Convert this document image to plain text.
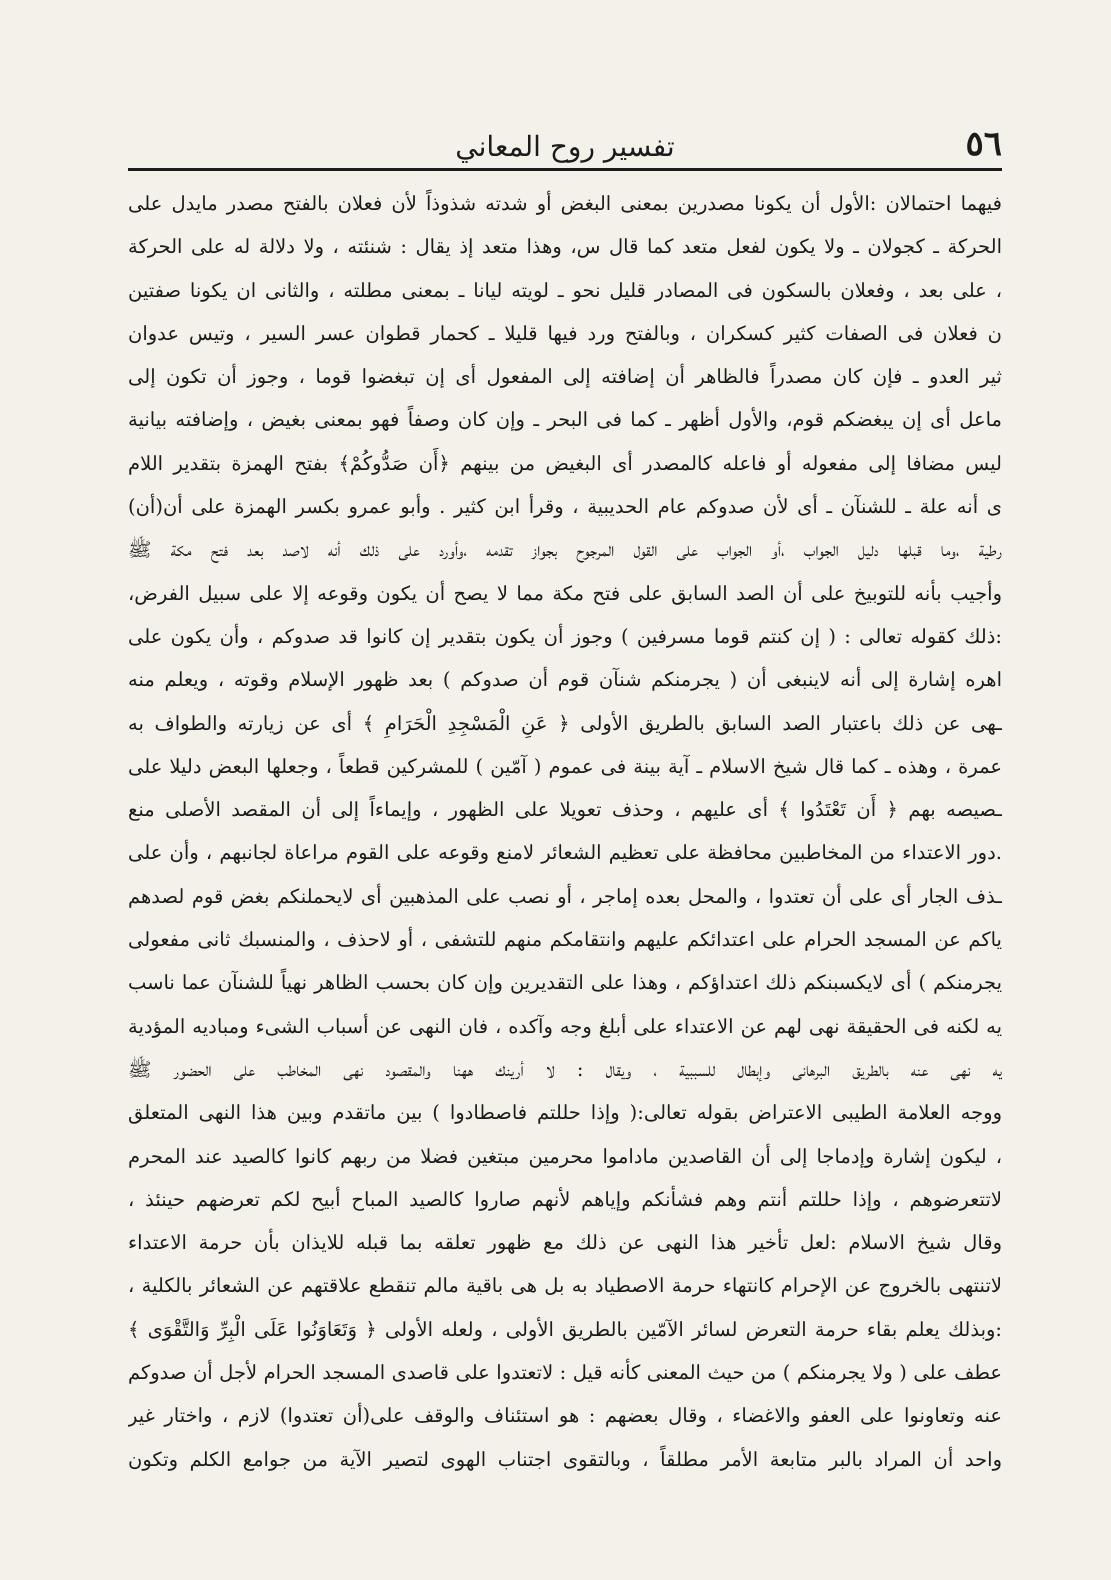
٥٦
تفسير روح المعاني
فيهما احتمالان :الأول أن يكونا مصدرين بمعنى البغض أو شدته شذوذاً لأن فعلان بالفتح مصدر مايدل على
الحركة ـ كجولان ـ ولا يكون لفعل متعد كما قال س، وهذا متعد إذ يقال : شنئته ، ولا دلالة له على الحركة
، على بعد ، وفعلان بالسكون فى المصادر قليل نحو ـ لويته ليانا ـ بمعنى مطلته ، والثانى ان يكونا صفتين
ن فعلان فى الصفات كثير كسكران ، وبالفتح ورد فيها قليلا ـ كحمار قطوان عسر السير ، وتيس عدوان
ثير العدو ـ فإن كان مصدراً فالظاهر أن إضافته إلى المفعول أى إن تبغضوا قوما ، وجوز أن تكون إلى
ماعل أى إن يبغضكم قوم، والأول أظهر ـ كما فى البحر ـ وإن كان وصفاً فهو بمعنى بغيض ، وإضافته بيانية
ليس مضافا إلى مفعوله أو فاعله كالمصدر أى البغيض من بينهم ﴿أَن صَدُّوكُمْ﴾ بفتح الهمزة بتقدير اللام
ى أنه علة ـ للشنآن ـ أى لأن صدوكم عام الحديبية ، وقرأ ابن كثير . وأبو عمرو بكسر الهمزة على أن(أن)
رطية ،وما قبلها دليل الجواب ،أو الجواب على القول المرجوح بجواز تقدمه ،وأورد على ذلك أنه لاصد بعد فتح مكة ﷺ
وأجيب بأنه للتوبيخ على أن الصد السابق على فتح مكة مما لا يصح أن يكون وقوعه إلا على سبيل الفرض،
:ذلك كقوله تعالى : ( إن كنتم قوما مسرفين ) وجوز أن يكون بتقدير إن كانوا قد صدوكم ، وأن يكون على
اهره إشارة إلى أنه لاينبغى أن ( يجرمنكم شنآن قوم أن صدوكم ) بعد ظهور الإسلام وقوته ، ويعلم منه
ـهى عن ذلك باعتبار الصد السابق بالطريق الأولى ﴿ عَنِ الْمَسْجِدِ الْحَرَامِ ﴾ أى عن زيارته والطواف به
عمرة ، وهذه ـ كما قال شيخ الاسلام ـ آية بينة فى عموم ( آمّين ) للمشركين قطعاً ، وجعلها البعض دليلا على
ـصيصه بهم ﴿ أَن تَعْتَدُوا ﴾ أى عليهم ، وحذف تعويلا على الظهور ، وإيماءاً إلى أن المقصد الأصلى منع
.دور الاعتداء من المخاطبين محافظة على تعظيم الشعائر لامنع وقوعه على القوم مراعاة لجانبهم ، وأن على
ـذف الجار أى على أن تعتدوا ، والمحل بعده إماجر ، أو نصب على المذهبين أى لايحملنكم بغض قوم لصدهم
ياكم عن المسجد الحرام على اعتدائكم عليهم وانتقامكم منهم للتشفى ، أو لاحذف ، والمنسبك ثانى مفعولى
يجرمنكم ) أى لايكسبنكم ذلك اعتداؤكم ، وهذا على التقديرين وإن كان بحسب الظاهر نهياً للشنآن عما ناسب
يه لكنه فى الحقيقة نهى لهم عن الاعتداء على أبلغ وجه وآكده ، فان النهى عن أسباب الشىء ومباديه المؤدية
يه نهى عنه بالطريق البرهانى وإبطال للسببية ، ويقال : لا أرينك ههنا والمقصود نهى المخاطب على الحضور ﷺ
ووجه العلامة الطيبى الاعتراض بقوله تعالى:( وإذا حللتم فاصطادوا ) بين ماتقدم وبين هذا النهى المتعلق
، ليكون إشارة وإدماجا إلى أن القاصدين ماداموا محرمين مبتغين فضلا من ربهم كانوا كالصيد عند المحرم
لاتتعرضوهم ، وإذا حللتم أنتم وهم فشأنكم وإياهم لأنهم صاروا كالصيد المباح أبيح لكم تعرضهم حينئذ ،
وقال شيخ الاسلام :لعل تأخير هذا النهى عن ذلك مع ظهور تعلقه بما قبله للايذان بأن حرمة الاعتداء
لاتنتهى بالخروج عن الإحرام كانتهاء حرمة الاصطياد به بل هى باقية مالم تنقطع علاقتهم عن الشعائر بالكلية ،
:وبذلك يعلم بقاء حرمة التعرض لسائر الآمّين بالطريق الأولى ، ولعله الأولى ﴿ وَتَعَاوَنُوا عَلَى الْبِرِّ وَالتَّقْوَى ﴾
عطف على ( ولا يجرمنكم ) من حيث المعنى كأنه قيل : لاتعتدوا على قاصدى المسجد الحرام لأجل أن صدوكم
عنه وتعاونوا على العفو والاغضاء ، وقال بعضهم : هو استئناف والوقف على(أن تعتدوا) لازم ، واختار غير
واحد أن المراد بالبر متابعة الأمر مطلقاً ، وبالتقوى اجتناب الهوى لتصير الآية من جوامع الكلم وتكون
